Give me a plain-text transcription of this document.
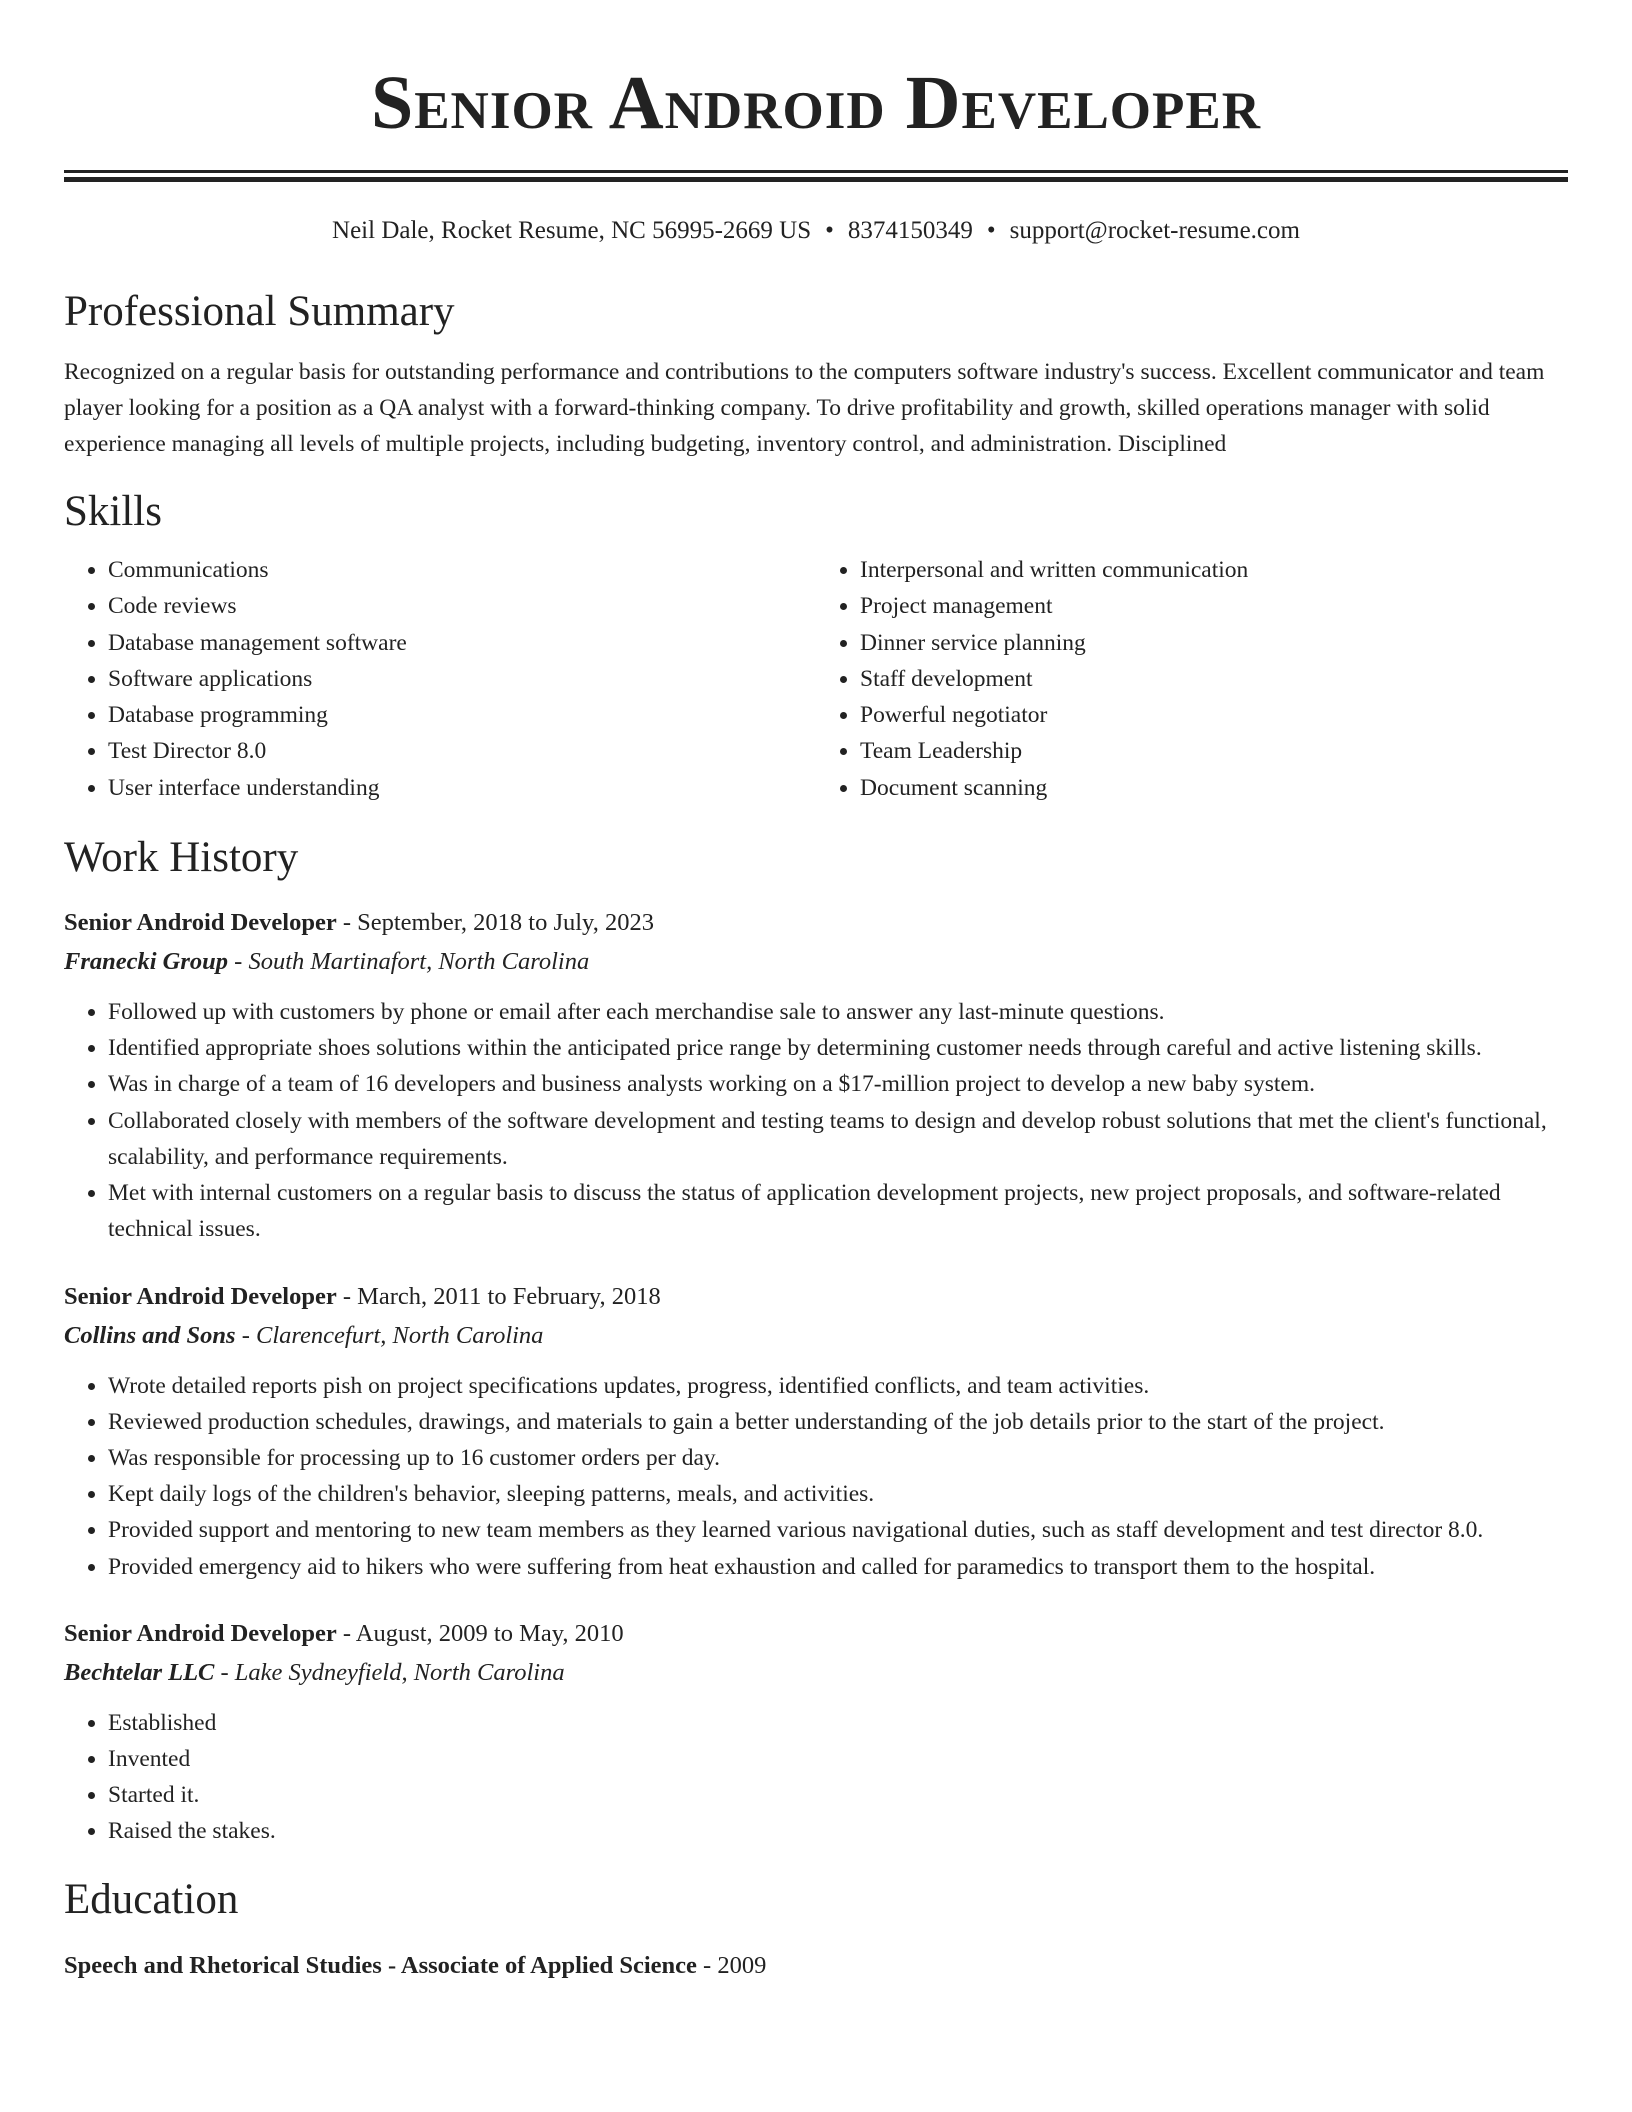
Senior Android Developer
Neil Dale, Rocket Resume, NC 56995-2669 US • 8374150349 • support@rocket-resume.com
Professional Summary

Recognized on a regular basis for outstanding performance and contributions to the computers software industry's success. Excellent communicator and team player looking for a position as a QA analyst with a forward-thinking company. To drive profitability and growth, skilled operations manager with solid experience managing all levels of multiple projects, including budgeting, inventory control, and administration. Disciplined

Skills
• Communications
• Code reviews
• Database management software
• Software applications
• Database programming
• Test Director 8.0
• User interface understanding
• Interpersonal and written communication
• Project management
• Dinner service planning
• Staff development
• Powerful negotiator
• Team Leadership
• Document scanning
Work History
Senior Android Developer - September, 2018 to July, 2023
Franecki Group - South Martinafort, North Carolina
• Followed up with customers by phone or email after each merchandise sale to answer any last-minute questions.
• Identified appropriate shoes solutions within the anticipated price range by determining customer needs through careful and active listening skills.
• Was in charge of a team of 16 developers and business analysts working on a $17-million project to develop a new baby system.
• Collaborated closely with members of the software development and testing teams to design and develop robust solutions that met the client's functional, scalability, and performance requirements.
• Met with internal customers on a regular basis to discuss the status of application development projects, new project proposals, and software-related technical issues.
Senior Android Developer - March, 2011 to February, 2018
Collins and Sons - Clarencefurt, North Carolina
• Wrote detailed reports pish on project specifications updates, progress, identified conflicts, and team activities.
• Reviewed production schedules, drawings, and materials to gain a better understanding of the job details prior to the start of the project.
• Was responsible for processing up to 16 customer orders per day.
• Kept daily logs of the children's behavior, sleeping patterns, meals, and activities.
• Provided support and mentoring to new team members as they learned various navigational duties, such as staff development and test director 8.0.
• Provided emergency aid to hikers who were suffering from heat exhaustion and called for paramedics to transport them to the hospital.
Senior Android Developer - August, 2009 to May, 2010
Bechtelar LLC - Lake Sydneyfield, North Carolina
• Established
• Invented
• Started it.
• Raised the stakes.
Education
Speech and Rhetorical Studies - Associate of Applied Science - 2009
